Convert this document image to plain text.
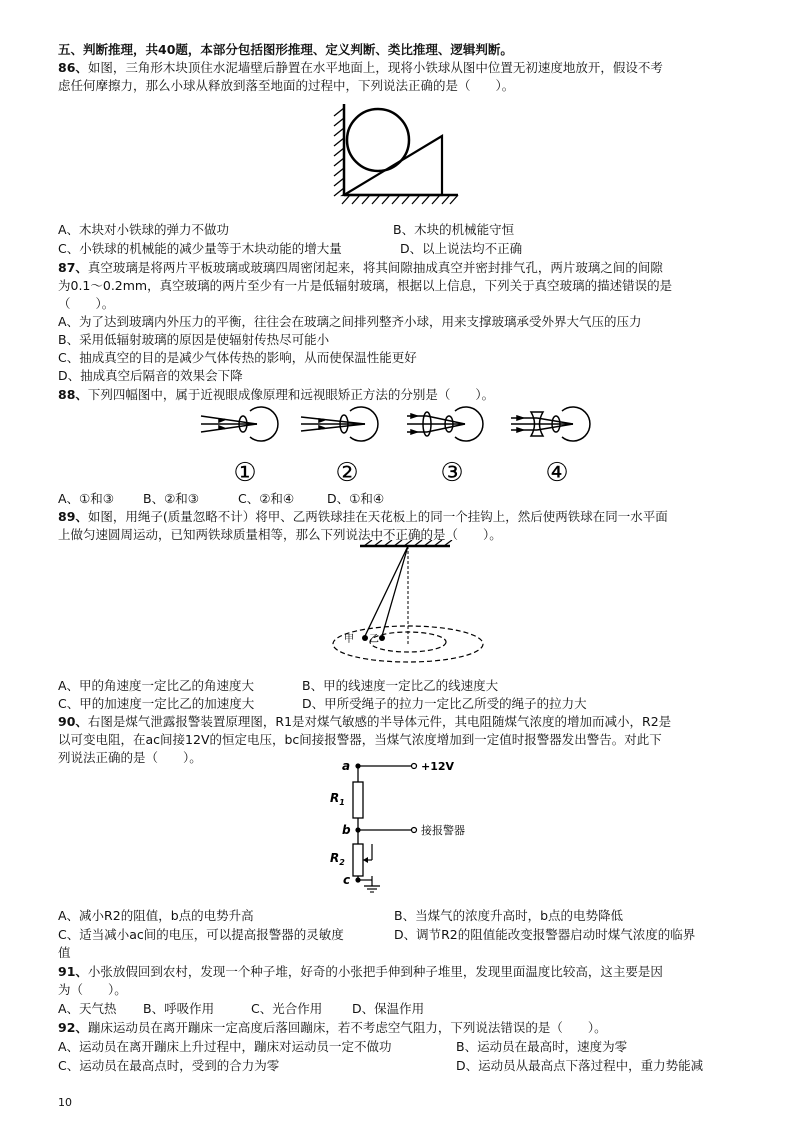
五、判断推理，共40题，本部分包括图形推理、定义判断、类比推理、逻辑判断。
86、如图，三角形木块顶住水泥墙壁后静置在水平地面上，现将小铁球从图中位置无初速度地放开，假设不考
虑任何摩擦力，那么小球从释放到落至地面的过程中，下列说法正确的是（　　）。
A、木块对小铁球的弹力不做功	B、木块的机械能守恒
C、小铁球的机械能的减少量等于木块动能的增大量	D、以上说法均不正确
87、真空玻璃是将两片平板玻璃或玻璃四周密闭起来，将其间隙抽成真空并密封排气孔，两片玻璃之间的间隙
为0.1～0.2mm，真空玻璃的两片至少有一片是低辐射玻璃，根据以上信息，下列关于真空玻璃的描述错误的是
（　　）。
A、为了达到玻璃内外压力的平衡，往往会在玻璃之间排列整齐小球，用来支撑玻璃承受外界大气压的压力
B、采用低辐射玻璃的原因是使辐射传热尽可能小
C、抽成真空的目的是减少气体传热的影响，从而使保温性能更好
D、抽成真空后隔音的效果会下降
88、下列四幅图中，属于近视眼成像原理和远视眼矫正方法的分别是（　　）。
①	②	③	④
A、①和③ B、②和③	C、②和④	D、①和④
89、如图，用绳子(质量忽略不计）将甲、乙两铁球挂在天花板上的同一个挂钩上，然后使两铁球在同一水平面
上做匀速圆周运动，已知两铁球质量相等，那么下列说法中不正确的是（　　）。
甲 乙
A、甲的角速度一定比乙的角速度大	B、甲的线速度一定比乙的线速度大
C、甲的加速度一定比乙的加速度大	D、甲所受绳子的拉力一定比乙所受的绳子的拉力大
90、右图是煤气泄露报警装置原理图，R1是对煤气敏感的半导体元件，其电阻随煤气浓度的增加而减小，R2是
以可变电阻，在ac间接12V的恒定电压，bc间接报警器，当煤气浓度增加到一定值时报警器发出警告。对此下
列说法正确的是（　　）。
a
b
c
$R_1$
$R_2$
+12V
接报警器
A、减小R2的阻值，b点的电势升高	B、当煤气的浓度升高时，b点的电势降低
C、适当减小ac间的电压，可以提高报警器的灵敏度	D、调节R2的阻值能改变报警器启动时煤气浓度的临界
值
91、小张放假回到农村，发现一个种子堆，好奇的小张把手伸到种子堆里，发现里面温度比较高，这主要是因
为（　　）。
A、天气热 B、呼吸作用	C、光合作用 D、保温作用
92、蹦床运动员在离开蹦床一定高度后落回蹦床，若不考虑空气阻力，下列说法错误的是（　　）。
A、运动员在离开蹦床上升过程中，蹦床对运动员一定不做功	B、运动员在最高时，速度为零
C、运动员在最高点时，受到的合力为零	D、运动员从最高点下落过程中，重力势能减
10
